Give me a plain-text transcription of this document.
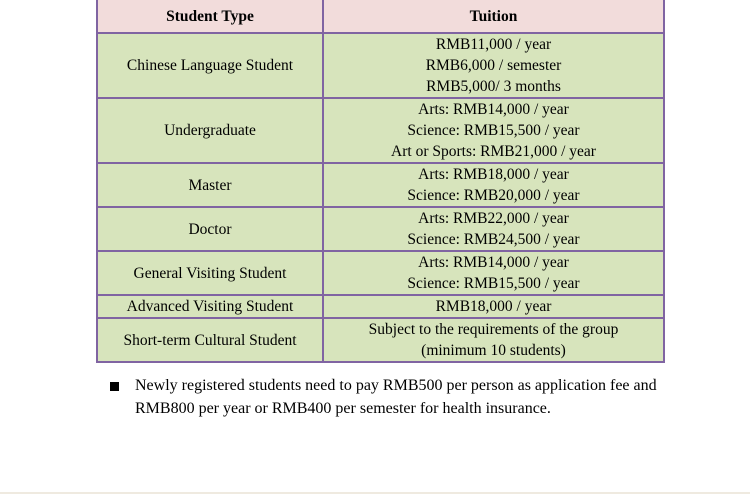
Student Type	Tuition
Chinese Language Student	RMB11,000 / year
RMB6,000 / semester
RMB5,000/ 3 months

Undergraduate	Arts: RMB14,000 / year
Science: RMB15,500 / year
Art or Sports: RMB21,000 / year

Master	Arts: RMB18,000 / year
Science: RMB20,000 / year

Doctor	Arts: RMB22,000 / year
Science: RMB24,500 / year

General Visiting Student	Arts: RMB14,000 / year
Science: RMB15,500 / year

Advanced Visiting Student	RMB18,000 / year

Short-term Cultural Student	Subject to the requirements of the group
(minimum 10 students)
Newly registered students need to pay RMB500 per person as application fee and RMB800 per year or RMB400 per semester for health insurance.
